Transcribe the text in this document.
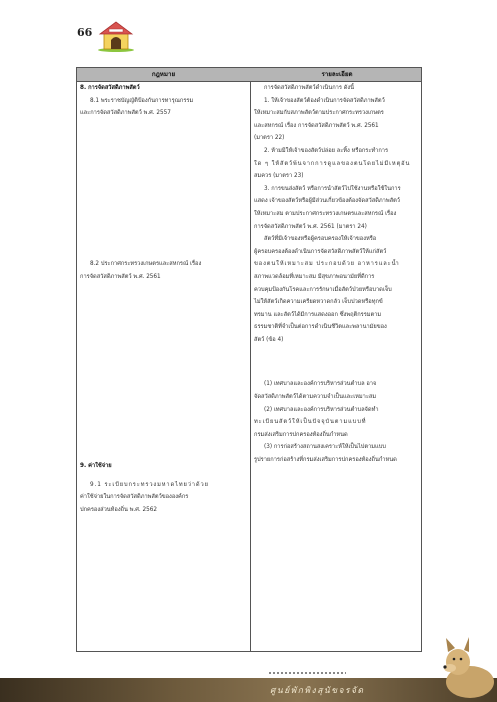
66
กฎหมาย	รายละเอียด

8. การจัดสวัสดิภาพสัตว์

8.1 พระราชบัญญัติป้องกันการทารุณกรรม

และการจัดสวัสดิภาพสัตว์ พ.ศ. 2557

8.2 ประกาศกระทรวงเกษตรและสหกรณ์ เรื่อง

การจัดสวัสดิภาพสัตว์ พ.ศ. 2561

9. ค่าใช้จ่าย

9.1 ระเบียบกระทรวงมหาดไทยว่าด้วย

ค่าใช้จ่ายในการจัดสวัสดิภาพสัตว์ขององค์กร

ปกครองส่วนท้องถิ่น พ.ศ. 2562

การจัดสวัสดิภาพสัตว์ดำเนินการ ดังนี้

1. ให้เจ้าของสัตว์ต้องดำเนินการจัดสวัสดิภาพสัตว์

ให้เหมาะสมกับสภาพสัตว์ตามประกาศกระทรวงเกษตร

และสหกรณ์ เรื่อง การจัดสวัสดิภาพสัตว์ พ.ศ. 2561

(มาตรา 22)

2. ห้ามมิให้เจ้าของสัตว์ปล่อย ละทิ้ง หรือกระทำการ

ใด ๆ ให้สัตว์พ้นจากการดูแลของตนโดยไม่มีเหตุอัน

สมควร (มาตรา 23)

3. การขนส่งสัตว์ หรือการนำสัตว์ไปใช้งานหรือใช้ในการ

แสดง เจ้าของสัตว์หรือผู้มีส่วนเกี่ยวข้องต้องจัดสวัสดิภาพสัตว์

ให้เหมาะสม ตามประกาศกระทรวงเกษตรและสหกรณ์ เรื่อง

การจัดสวัสดิภาพสัตว์ พ.ศ. 2561 (มาตรา 24)

สัตว์ที่มีเจ้าของหรือผู้ครอบครองให้เจ้าของหรือ

ผู้ครอบครองต้องดำเนินการจัดสวัสดิภาพสัตว์ให้แก่สัตว์

ของตนให้เหมาะสม ประกอบด้วย อาหารและน้ำ

สภาพแวดล้อมที่เหมาะสม มีสุขภาพอนามัยที่ดีการ

ควบคุมป้องกันโรคและการรักษาเมื่อสัตว์ป่วยหรือบาดเจ็บ

ไม่ให้สัตว์เกิดความเครียดหวาดกลัว เจ็บปวดหรือทุกข์

ทรมาน และสัตว์ได้มีการแสดงออก ซึ่งพฤติกรรมตาม

ธรรมชาติที่จำเป็นต่อการดำเนินชีวิตและพลานามัยของ

สัตว์ (ข้อ 4)

(1) เทศบาลและองค์การบริหารส่วนตำบล อาจ

จัดสวัสดิภาพสัตว์ได้ตามความจำเป็นและเหมาะสม

(2) เทศบาลและองค์การบริหารส่วนตำบลจัดทำ

ทะเบียนสัตว์ให้เป็นปัจจุบันตามแบบที่

กรมส่งเสริมการปกครองท้องถิ่นกำหนด

(3) การก่อสร้างสถานสงเคราะห์ให้เป็นไปตามแบบ

รูปรายการก่อสร้างที่กรมส่งเสริมการปกครองท้องถิ่นกำหนด

ศูนย์พักพิงสุนัขจรจัด
